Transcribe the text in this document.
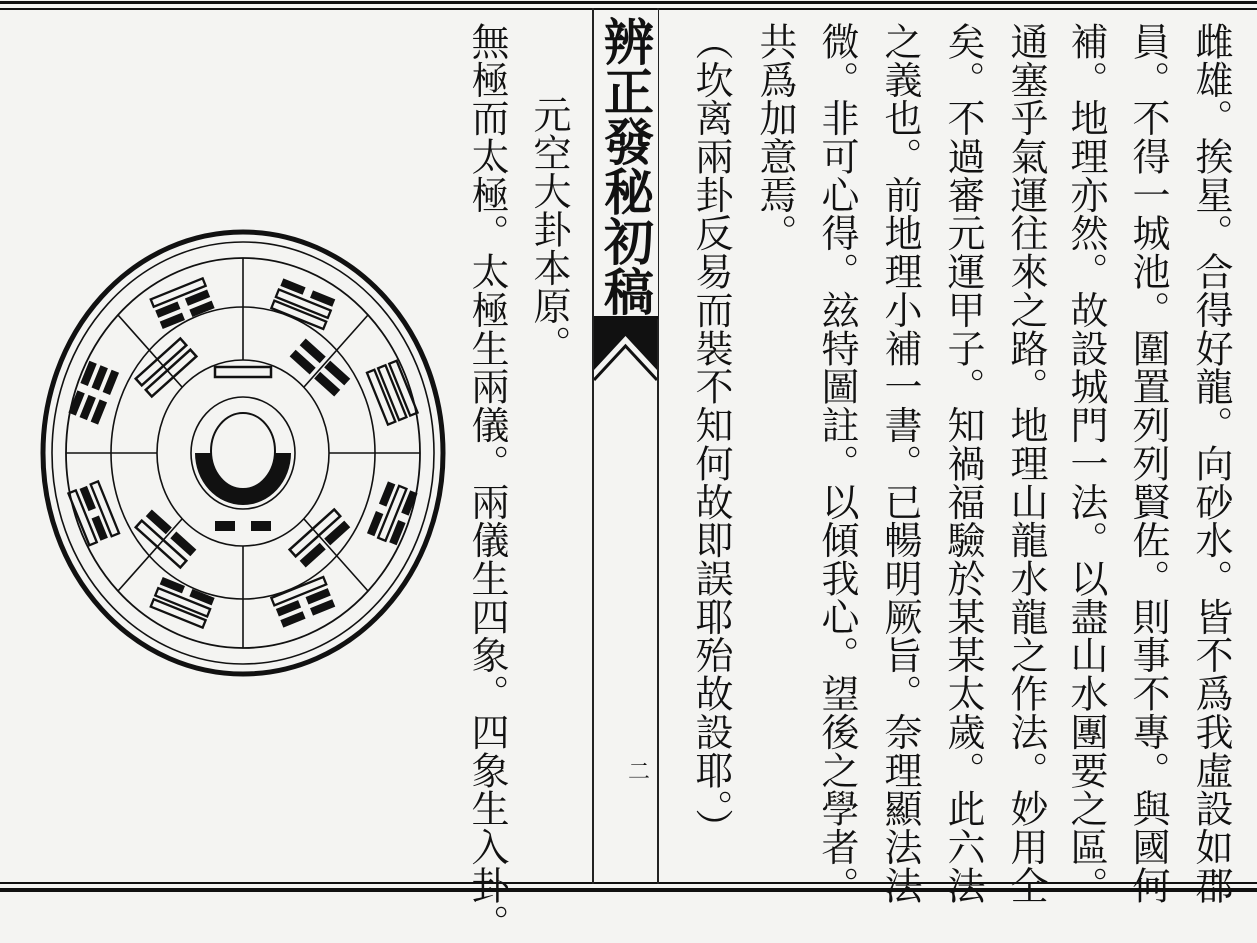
辨正發秘初稿
二	雌雄。挨星。合得好龍。向砂水。皆不爲我虛設如郡
員。不得一城池。圍置列列賢佐。則事不專。與國何
補。地理亦然。故設城門一法。以盡山水團要之區。
通塞乎氣運往來之路。地理山龍水龍之作法。妙用全
矣。不過審元運甲子。知禍福驗於某某太歲。此六法
之義也。前地理小補一書。已暢明厥旨。奈理顯法法
微。非可心得。玆特圖註。以傾我心。望後之學者。
共爲加意焉。
（坎离兩卦反易而裝不知何故即誤耶殆故設耶。）
元空大卦本原。
無極而太極。太極生兩儀。兩儀生四象。四象生入卦。
